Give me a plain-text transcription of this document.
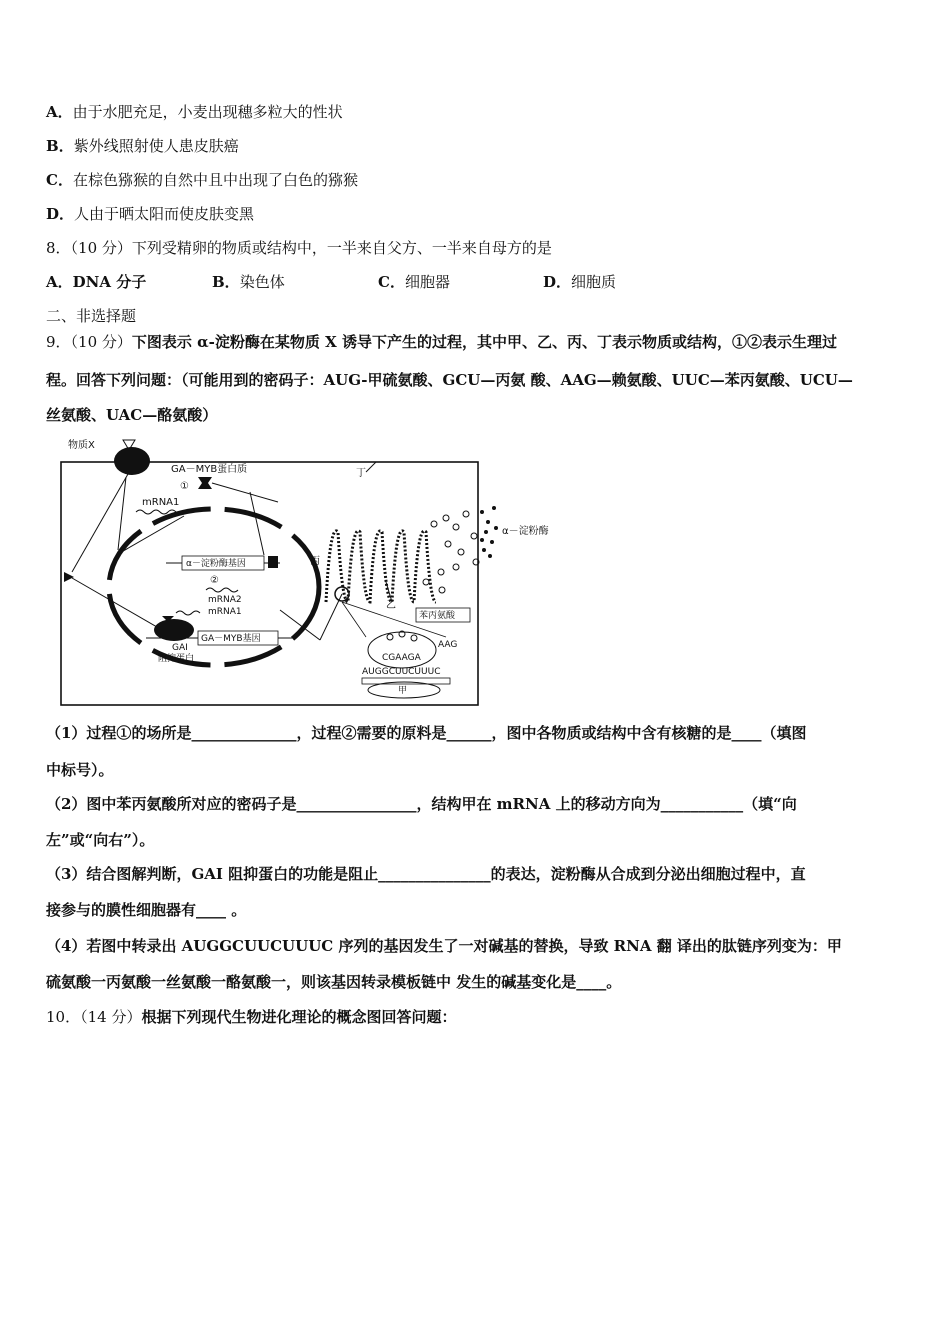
A．由于水肥充足，小麦出现穗多粒大的性状
B．紫外线照射使人患皮肤癌
C．在棕色猕猴的自然中且中出现了白色的猕猴
D．人由于晒太阳而使皮肤变黑
8．（10 分）下列受精卵的物质或结构中，一半来自父方、一半来自母方的是
A．DNA 分子	B．染色体	C．细胞器	D．细胞质
二、非选择题
9．（10 分）下图表示 α-淀粉酶在某物质 X 诱导下产生的过程，其中甲、乙、丙、丁表示物质或结构，①②表示生理过
程。回答下列问题：（可能用到的密码子：AUG-甲硫氨酸、GCU—丙氨 酸、AAG—赖氨酸、UUC—苯丙氨酸、UCU—
丝氨酸、UAC—酪氨酸）
物质X
丁
GA－MYB蛋白质
①
mRNA1
α－淀粉酶基因
②
mRNA2
mRNA1
GA－MYB基因
GAI
阻抑蛋白
丙
乙
α－淀粉酶
苯丙氨酸
AAG
CGAAGA
AUGGCUUCUUUC
甲
（1）过程①的场所是______________，过程②需要的原料是______，图中各物质或结构中含有核糖的是____（填图
中标号）。
（2）图中苯丙氨酸所对应的密码子是________________，结构甲在 mRNA 上的移动方向为___________（填“向
左”或“向右”）。
（3）结合图解判断，GAI 阻抑蛋白的功能是阻止_______________的表达，淀粉酶从合成到分泌出细胞过程中，直
接参与的膜性细胞器有____ 。
（4）若图中转录出 AUGGCUUCUUUC 序列的基因发生了一对碱基的替换，导致 RNA 翻 译出的肽链序列变为：甲
硫氨酸一丙氨酸一丝氨酸一酪氨酸一，则该基因转录模板链中 发生的碱基变化是____。
10．（14 分）根据下列现代生物进化理论的概念图回答问题：
